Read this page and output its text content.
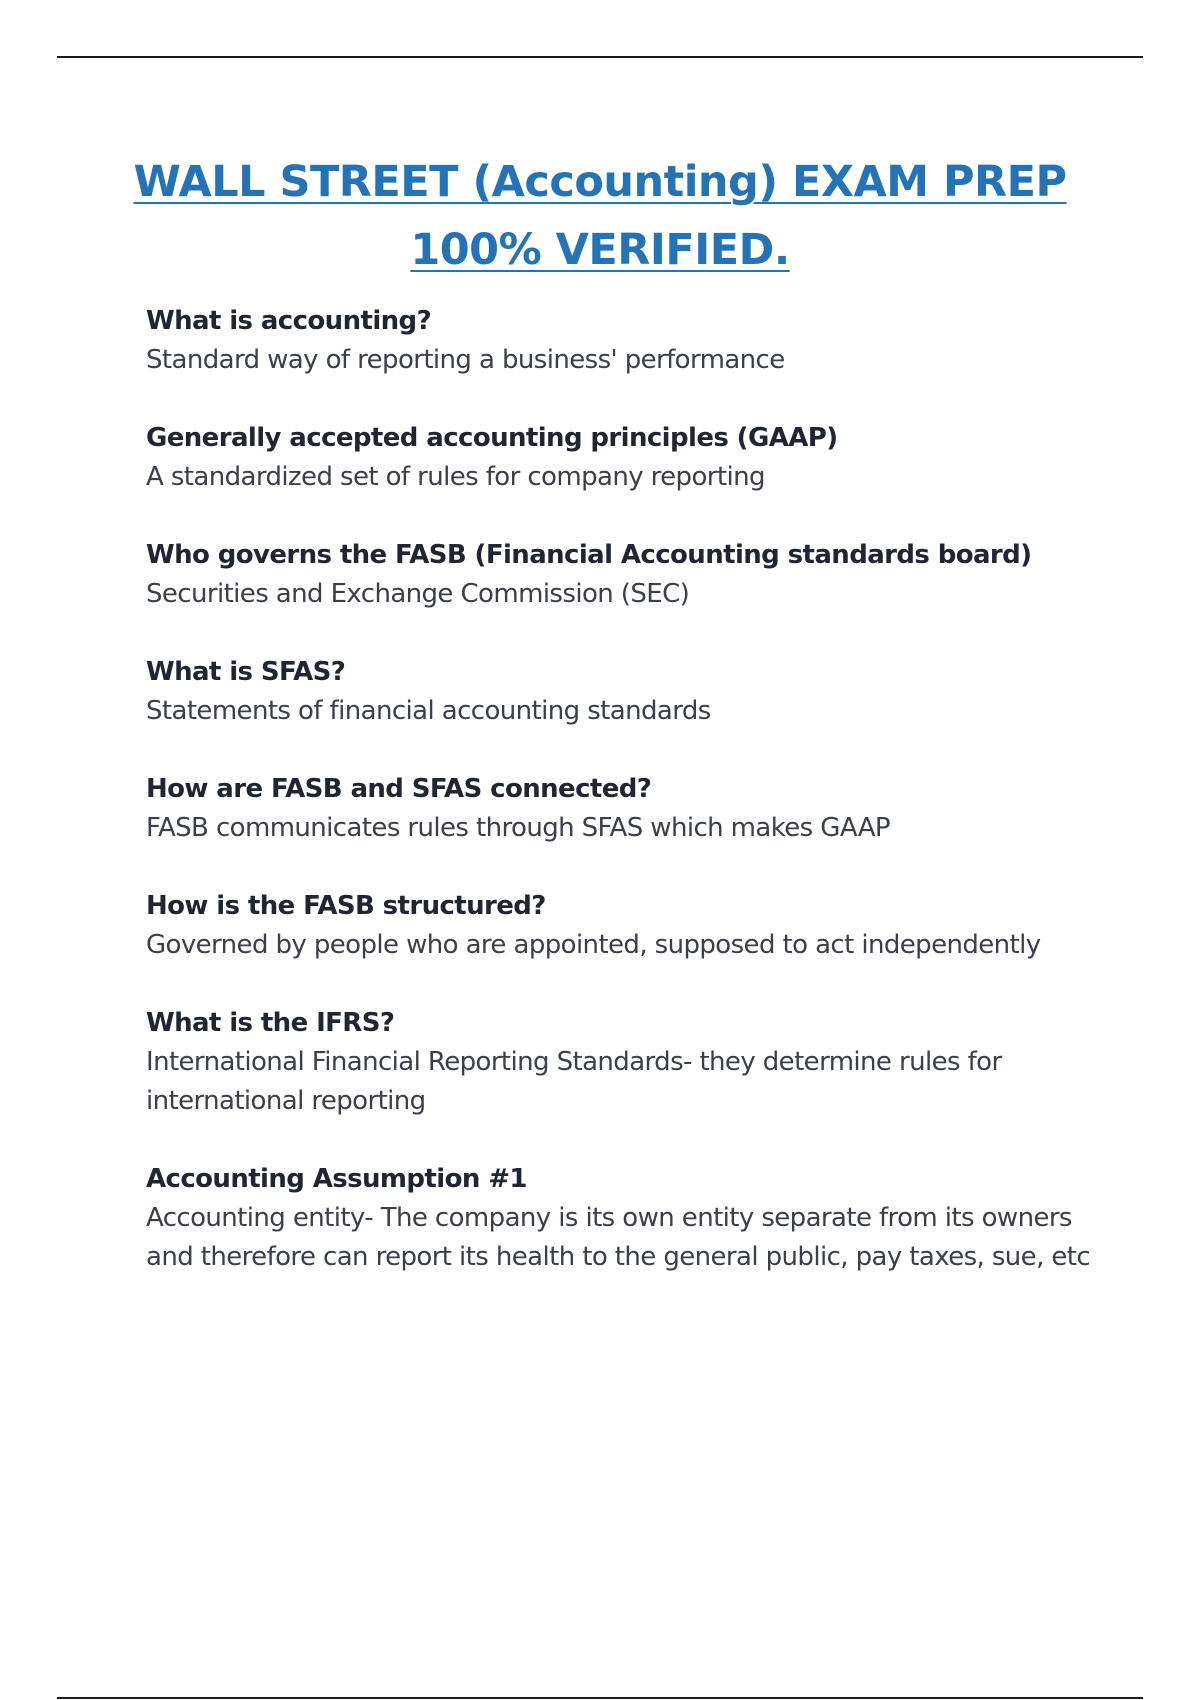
WALL STREET (Accounting) EXAM PREP
100% VERIFIED.
What is accounting?
Standard way of reporting a business' performance
Generally accepted accounting principles (GAAP)
A standardized set of rules for company reporting
Who governs the FASB (Financial Accounting standards board)
Securities and Exchange Commission (SEC)
What is SFAS?
Statements of financial accounting standards
How are FASB and SFAS connected?
FASB communicates rules through SFAS which makes GAAP
How is the FASB structured?
Governed by people who are appointed, supposed to act independently
What is the IFRS?
International Financial Reporting Standards- they determine rules for international reporting
Accounting Assumption #1
Accounting entity- The company is its own entity separate from its owners and therefore can report its health to the general public, pay taxes, sue, etc
